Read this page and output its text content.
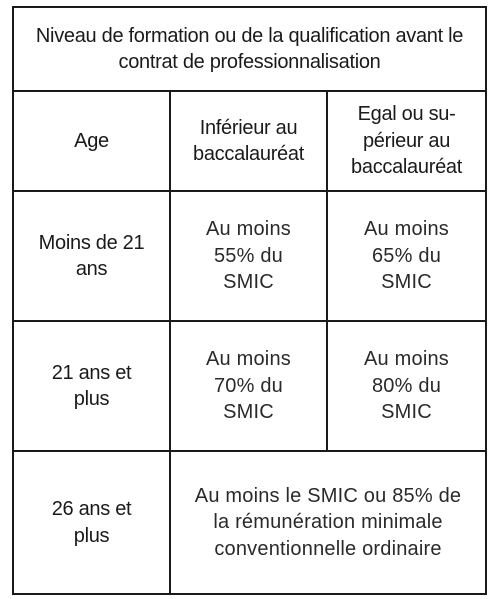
Niveau de formation ou de la qualification avant le contrat de professionnalisation		
Age	Inférieur au baccalauréat	Egal ou su-
périeur au
baccalauréat
Moins de 21
ans	Au moins 55% du SMIC	Au moins 65% du SMIC
21 ans et
plus	Au moins 70% du SMIC	Au moins 80% du SMIC
26 ans et
plus	Au moins le SMIC ou 85% de la rémunération minimale conventionnelle ordinaire	
